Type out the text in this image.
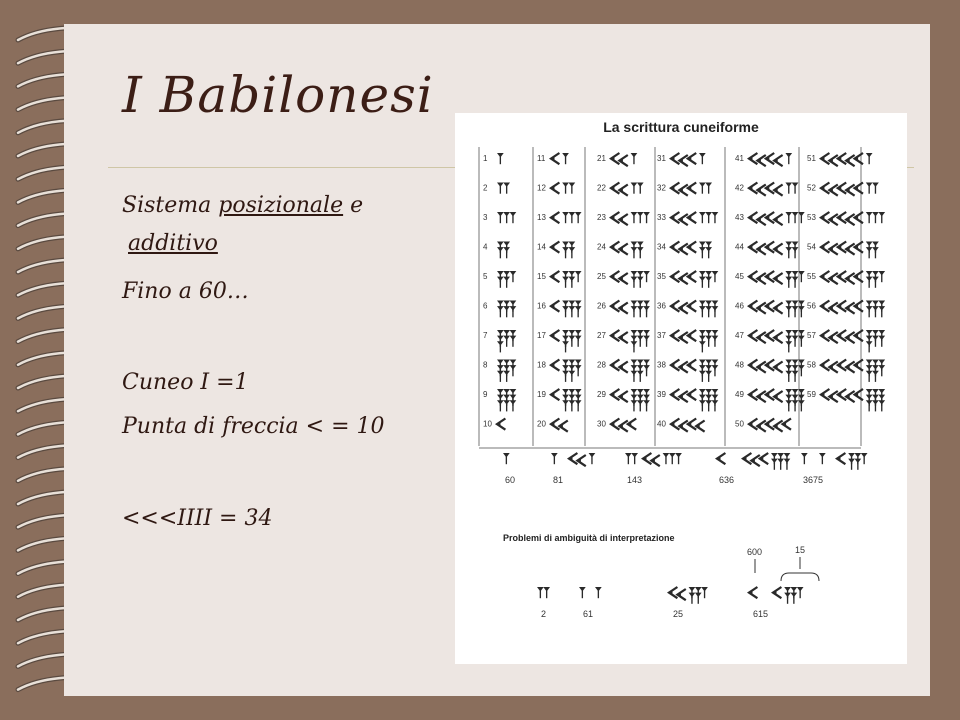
I Babilonesi
Sistema posizionale e
additivo
Fino a 60…
Cuneo I =1
Punta di freccia < = 10
<<<IIII = 34
La scrittura cuneiforme
1	11	21	31	41	51
2	12	22	32	42	52
3	13	23	33	43	53
4	14	24	34	44	54
5	15	25	35	45	55
6	16	26	36	46	56
7	17	27	37	47	57
8	18	28	38	48	58
9	19	29	39	49	59
10	20	30	40	50
60	81	143	636	3675
2	61	25	615
600	15
Problemi di ambiguità di interpretazione
